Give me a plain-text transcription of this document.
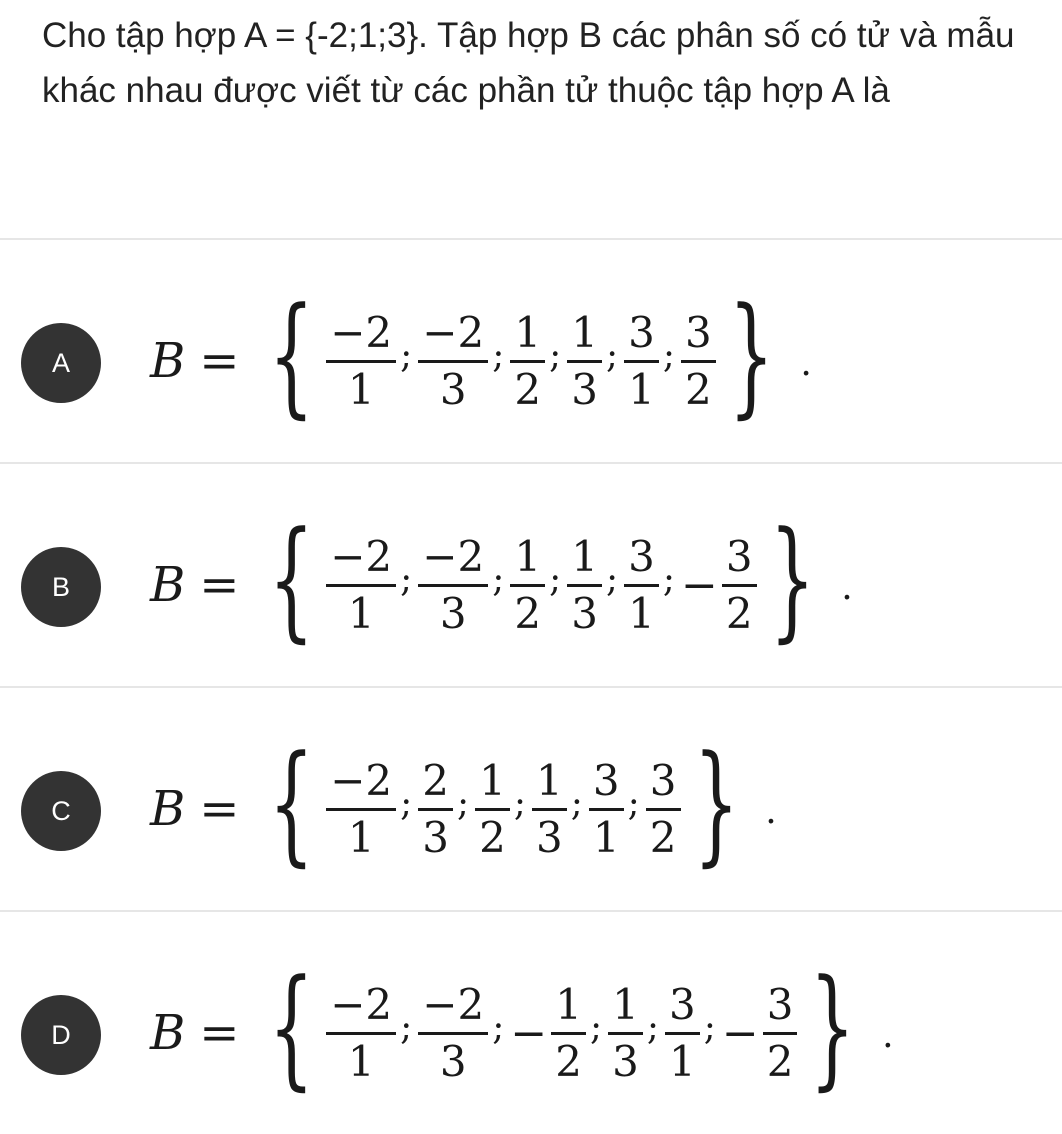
Cho tập hợp A = {-2;1;3}. Tập hợp B các phân số có tử và mẫu khác nhau được viết từ các phần tử thuộc tập hợp A là
A	B = { $\frac{-2}{1}$ ; $\frac{-2}{3}$ ; $\frac{1}{2}$ ; $\frac{1}{3}$ ; $\frac{3}{1}$ ; $\frac{3}{2}$ } .
B	B = { $\frac{-2}{1}$ ; $\frac{-2}{3}$ ; $\frac{1}{2}$ ; $\frac{1}{3}$ ; $\frac{3}{1}$ ; − $\frac{3}{2}$ } .
C	B = { $\frac{-2}{1}$ ; $\frac{2}{3}$ ; $\frac{1}{2}$ ; $\frac{1}{3}$ ; $\frac{3}{1}$ ; $\frac{3}{2}$ } .
D	B = { $\frac{-2}{1}$ ; $\frac{-2}{3}$ ; − $\frac{1}{2}$ ; $\frac{1}{3}$ ; $\frac{3}{1}$ ; − $\frac{3}{2}$ } .
